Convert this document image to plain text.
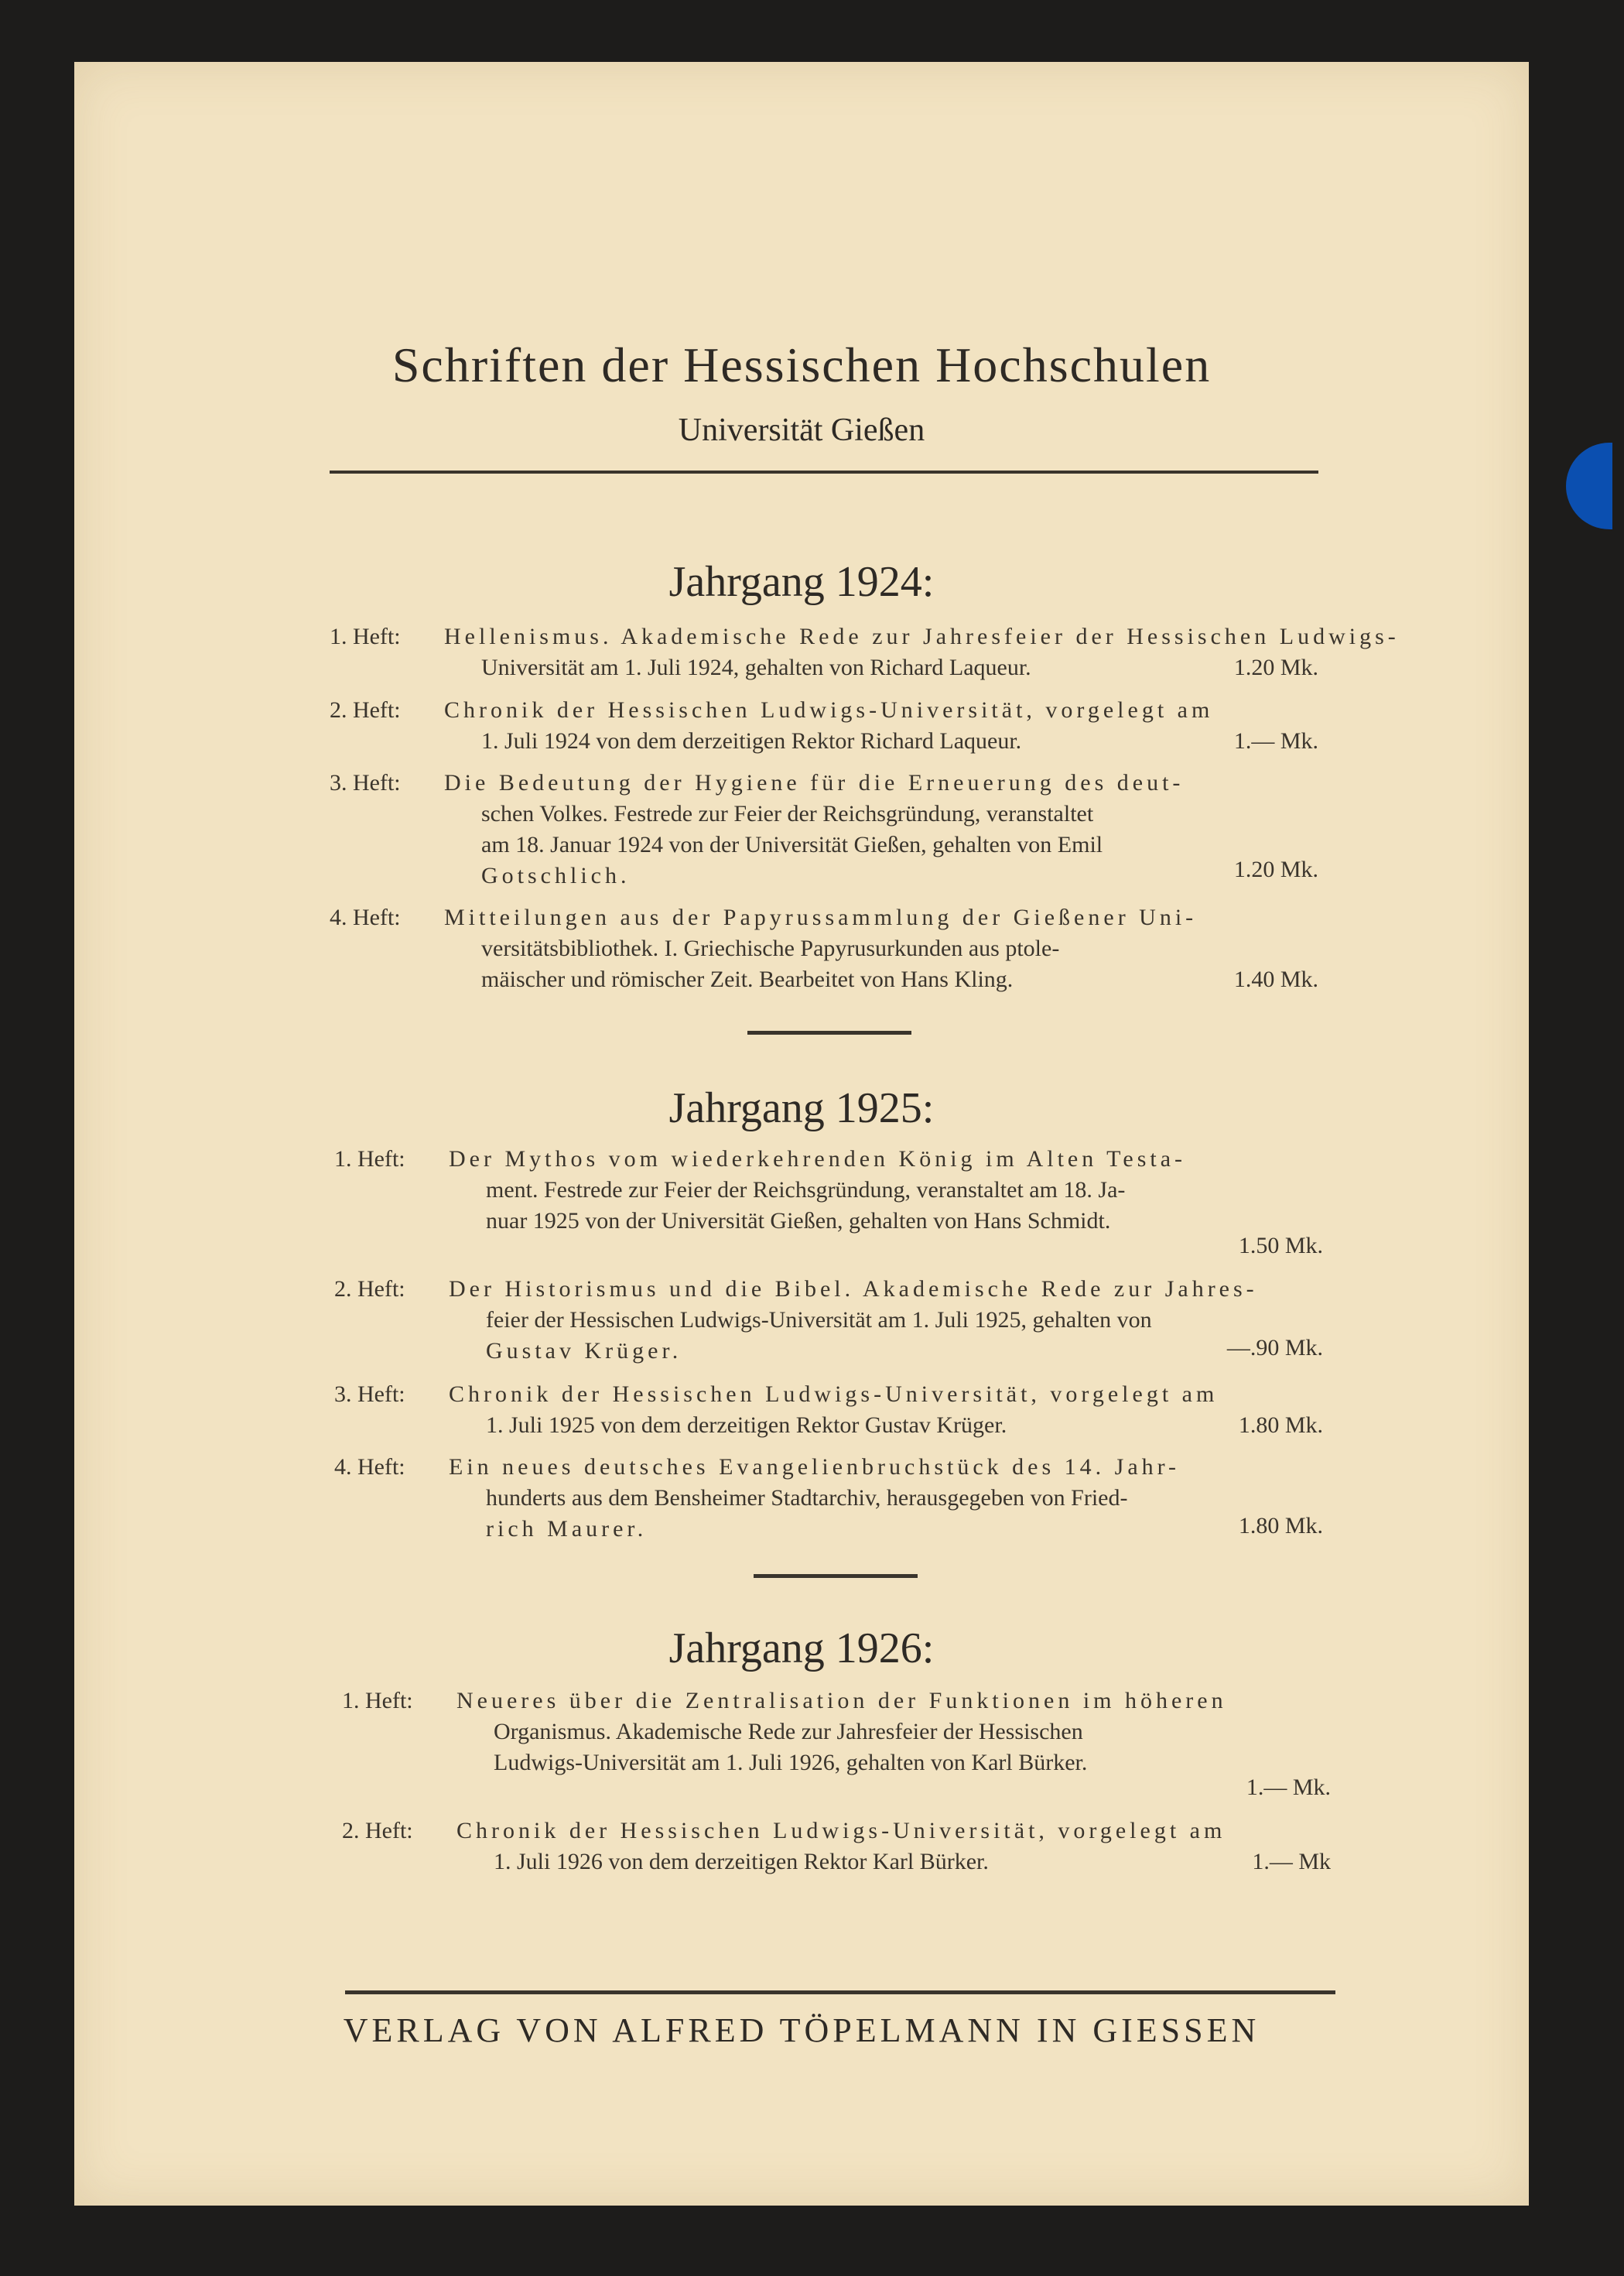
Schriften der Hessischen Hochschulen
Universität Gießen
Jahrgang 1924:
1. Heft: Hellenismus. Akademische Rede zur Jahresfeier der Hessischen Ludwigs-
Universität am 1. Juli 1924, gehalten von Richard Laqueur.	1.20 Mk.
2. Heft: Chronik der Hessischen Ludwigs-Universität, vorgelegt am
1. Juli 1924 von dem derzeitigen Rektor Richard Laqueur.	1.— Mk.
3. Heft: Die Bedeutung der Hygiene für die Erneuerung des deut-
schen Volkes. Festrede zur Feier der Reichsgründung, veranstaltet
am 18. Januar 1924 von der Universität Gießen, gehalten von Emil
Gotschlich.	1.20 Mk.
4. Heft: Mitteilungen aus der Papyrussammlung der Gießener Uni-
versitätsbibliothek. I. Griechische Papyrusurkunden aus ptole-
mäischer und römischer Zeit. Bearbeitet von Hans Kling.	1.40 Mk.
Jahrgang 1925:
1. Heft: Der Mythos vom wiederkehrenden König im Alten Testa-
ment. Festrede zur Feier der Reichsgründung, veranstaltet am 18. Ja-
nuar 1925 von der Universität Gießen, gehalten von Hans Schmidt.
1.50 Mk.
2. Heft: Der Historismus und die Bibel. Akademische Rede zur Jahres-
feier der Hessischen Ludwigs-Universität am 1. Juli 1925, gehalten von
Gustav Krüger.	—.90 Mk.
3. Heft: Chronik der Hessischen Ludwigs-Universität, vorgelegt am
1. Juli 1925 von dem derzeitigen Rektor Gustav Krüger.	1.80 Mk.
4. Heft: Ein neues deutsches Evangelienbruchstück des 14. Jahr-
hunderts aus dem Bensheimer Stadtarchiv, herausgegeben von Fried-
rich Maurer.	1.80 Mk.
Jahrgang 1926:
1. Heft: Neueres über die Zentralisation der Funktionen im höheren
Organismus. Akademische Rede zur Jahresfeier der Hessischen
Ludwigs-Universität am 1. Juli 1926, gehalten von Karl Bürker.
1.— Mk.
2. Heft: Chronik der Hessischen Ludwigs-Universität, vorgelegt am
1. Juli 1926 von dem derzeitigen Rektor Karl Bürker.	1.— Mk
VERLAG VON ALFRED TÖPELMANN IN GIESSEN
